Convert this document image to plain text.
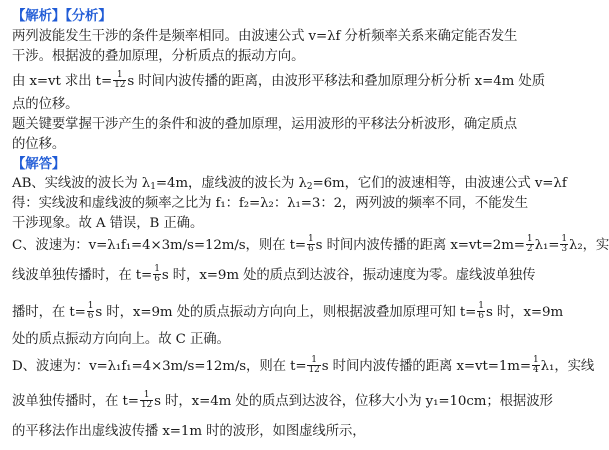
【解析】【分析】
两列波能发生干涉的条件是频率相同。由波速公式 v=λf 分析频率关系来确定能否发生
干涉。根据波的叠加原理，分析质点的振动方向。
由 x=vt 求出 $t= \frac{1}{12}$ s 时间内波传播的距离，由波形平移法和叠加原理分析分析 x=4m 处质
点的位移。
题关键要掌握干涉产生的条件和波的叠加原理，运用波形的平移法分析波形，确定质点
的位移。
【解答】
AB、实线波的波长为 $\lambda_1=4m$，虚线波的波长为 $\lambda_2=6m$，它们的波速相等，由波速公式 v=λf
得：实线波和虚线波的频率之比为 f₁：f₂=λ₂：λ₁=3：2，两列波的频率不同，不能发生
干涉现象。故 A 错误，B 正确。
C、波速为：v=λ₁f₁=4×3m/s=12m/s，则在 $t= \frac{1}{6}$ s 时间内波传播的距离 $x=vt=2m= \frac{1}{2} \lambda_1= \frac{1}{3} \lambda_2$，实
线波单独传播时，在 $t= \frac{1}{6}$ s 时，x=9m 处的质点到达波谷，振动速度为零。虚线波单独传
播时，在 $t= \frac{1}{6}$ s 时，x=9m 处的质点振动方向向上，则根据波叠加原理可知 $t= \frac{1}{6}$ s 时，x=9m
处的质点振动方向向上。故 C 正确。
D、波速为：v=λ₁f₁=4×3m/s=12m/s，则在 $t= \frac{1}{12}$ s 时间内波传播的距离 $x=vt=1m= \frac{1}{4} \lambda_1$，实线
波单独传播时，在 $t= \frac{1}{12}$ s 时，x=4m 处的质点到达波谷，位移大小为 y₁=10cm；根据波形
的平移法作出虚线波传播 x=1m 时的波形，如图虚线所示，
